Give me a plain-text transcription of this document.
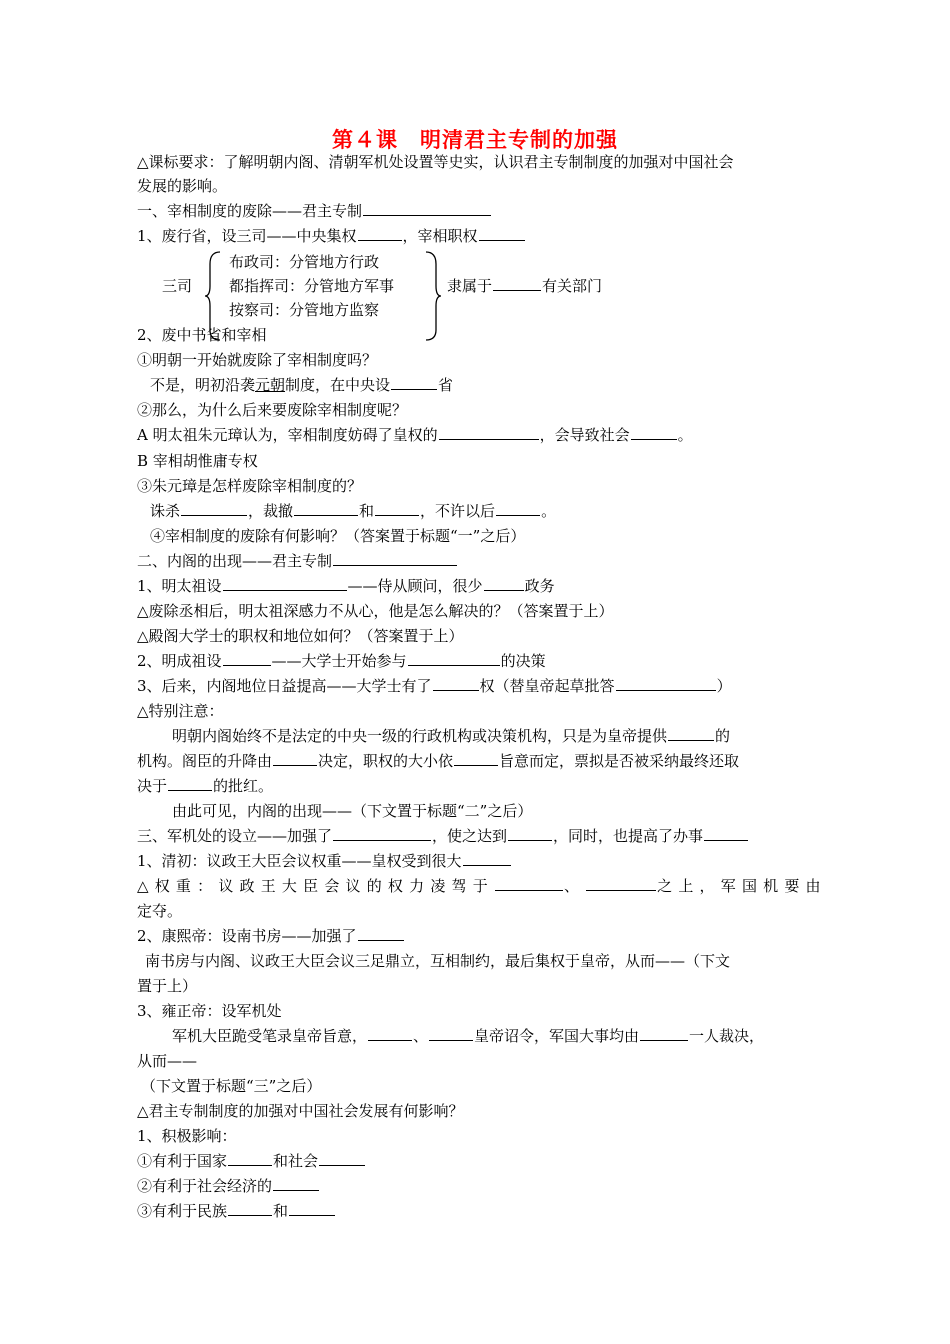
第４课　明清君主专制的加强
△课标要求：了解明朝内阁、清朝军机处设置等史实，认识君主专制制度的加强对中国社会
发展的影响。
一、宰相制度的废除——君主专制
1、废行省，设三司——中央集权	，宰相职权
三司
布政司：分管地方行政
都指挥司：分管地方军事
按察司：分管地方监察
隶属于	有关部门
2、废中书省和宰相
①明朝一开始就废除了宰相制度吗？
不是，明初沿袭元朝制度，在中央设	省
②那么，为什么后来要废除宰相制度呢？
A 明太祖朱元璋认为，宰相制度妨碍了皇权的	，会导致社会	。
B 宰相胡惟庸专权
③朱元璋是怎样废除宰相制度的？
诛杀	，裁撤	和	，不许以后	。
④宰相制度的废除有何影响？（答案置于标题“一”之后）
二、内阁的出现——君主专制
1、明太祖设	——侍从顾问，很少	政务
△废除丞相后，明太祖深感力不从心，他是怎么解决的？（答案置于上）
△殿阁大学士的职权和地位如何？（答案置于上）
2、明成祖设	——大学士开始参与	的决策
3、后来，内阁地位日益提高——大学士有了	权（替皇帝起草批答	）
△特别注意：
明朝内阁始终不是法定的中央一级的行政机构或决策机构，只是为皇帝提供	的
机构。阁臣的升降由	决定，职权的大小依	旨意而定，票拟是否被采纳最终还取
决于	的批红。
由此可见，内阁的出现——（下文置于标题“二”之后）
三、军机处的设立——加强了	，使之达到	，同时，也提高了办事
1、清初：议政王大臣会议权重——皇权受到很大
△权重：议政王大臣会议的权力凌驾于	、	之上，军国机要由
定夺。
2、康熙帝：设南书房——加强了
南书房与内阁、议政王大臣会议三足鼎立，互相制约，最后集权于皇帝，从而——（下文
置于上）
3、雍正帝：设军机处
军机大臣跪受笔录皇帝旨意，	、	皇帝诏令，军国大事均由	一人裁决，
从而——
（下文置于标题“三”之后）
△君主专制制度的加强对中国社会发展有何影响？
1、积极影响：
①有利于国家	和社会
②有利于社会经济的
③有利于民族	和
